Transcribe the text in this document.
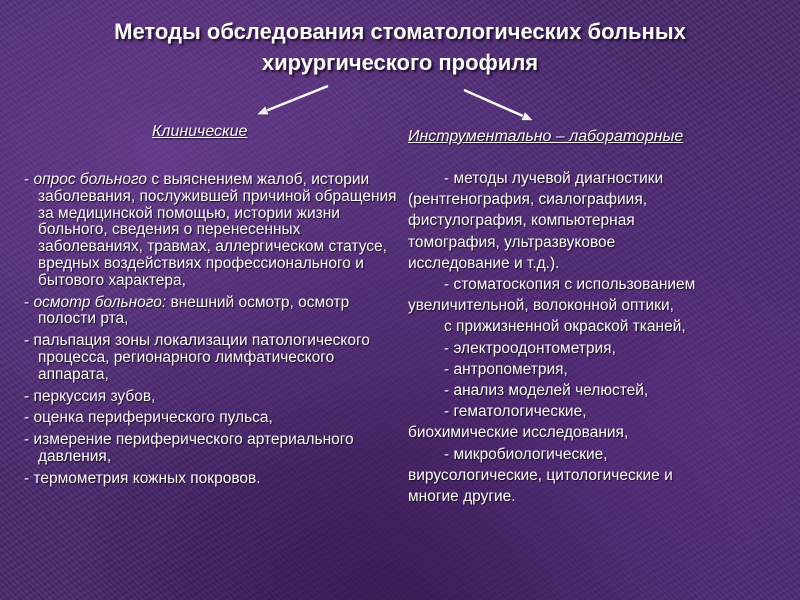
Методы обследования стоматологических больных
хирургического профиля
Клинические	Инструментально – лабораторные
- опрос больного с выяснением жалоб, истории заболевания, послужившей причиной обращения за медицинской помощью, истории жизни больного, сведения о перенесенных заболеваниях, травмах, аллергическом статусе, вредных воздействиях профессионального и бытового характера,
- осмотр больного: внешний осмотр, осмотр полости рта,
- пальпация зоны локализации патологического процесса, регионарного лимфатического аппарата,
- перкуссия зубов,
- оценка периферического пульса,
- измерение периферического артериального давления,
- термометрия кожных покровов.
- методы лучевой диагностики
(рентгенография, сиалографиия,
фистулография, компьютерная
томография, ультразвуковое
исследование и т.д.).
- стоматоскопия с использованием
увеличительной, волоконной оптики,
с прижизненной окраской тканей,
- электроодонтометрия,
- антропометрия,
- анализ моделей челюстей,
- гематологические,
биохимические исследования,
- микробиологические,
вирусологические, цитологические и
многие другие.
